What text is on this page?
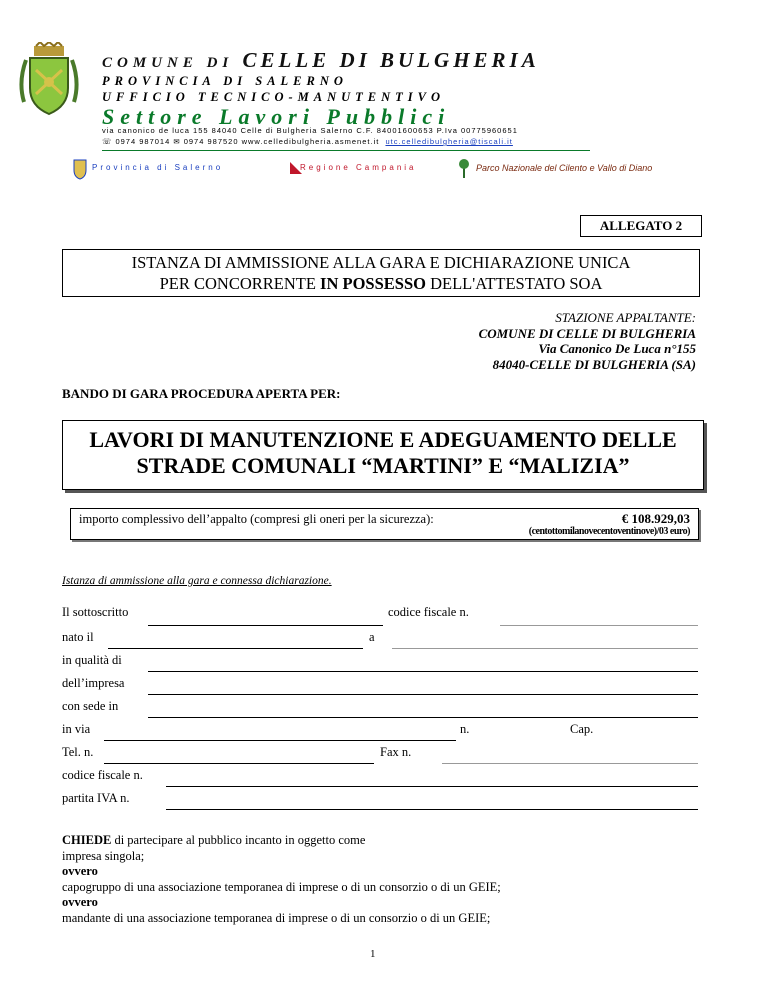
COMUNE DI CELLE DI BULGHERIA
PROVINCIA DI SALERNO
UFFICIO TECNICO-MANUTENTIVO
Settore Lavori Pubblici
via canonico de luca 155 84040 Celle di Bulgheria Salerno C.F. 84001600653 P.Iva 00775960651
☏ 0974 987014 ✉ 0974 987520 www.celledibulgheria.asmenet.it utc.celledibulgheria@tiscali.it
Provincia di Salerno	Regione Campania	Parco Nazionale del Cilento e Vallo di Diano
ALLEGATO 2
ISTANZA DI AMMISSIONE ALLA GARA E DICHIARAZIONE UNICA
PER CONCORRENTE IN POSSESSO DELL'ATTESTATO SOA
STAZIONE APPALTANTE:
COMUNE DI CELLE DI BULGHERIA
Via Canonico De Luca n°155
84040-CELLE DI BULGHERIA (SA)
BANDO DI GARA PROCEDURA APERTA PER:
LAVORI DI MANUTENZIONE E ADEGUAMENTO DELLE
STRADE COMUNALI “MARTINI” E “MALIZIA”
importo complessivo dell’appalto (compresi gli oneri per la sicurezza):	€ 108.929,03
(centottomilanovecentoventinove)/03 euro)
Istanza di ammissione alla gara e connessa dichiarazione.
Il sottoscritto	codice fiscale n.
nato il	a
in qualità di
dell’impresa
con sede in
in via	n.	Cap.
Tel. n.	Fax n.
codice fiscale n.
partita IVA n.
CHIEDE di partecipare al pubblico incanto in oggetto come
impresa singola;
ovvero
capogruppo di una associazione temporanea di imprese o di un consorzio o di un GEIE;
ovvero
mandante di una associazione temporanea di imprese o di un consorzio o di un GEIE;
1
